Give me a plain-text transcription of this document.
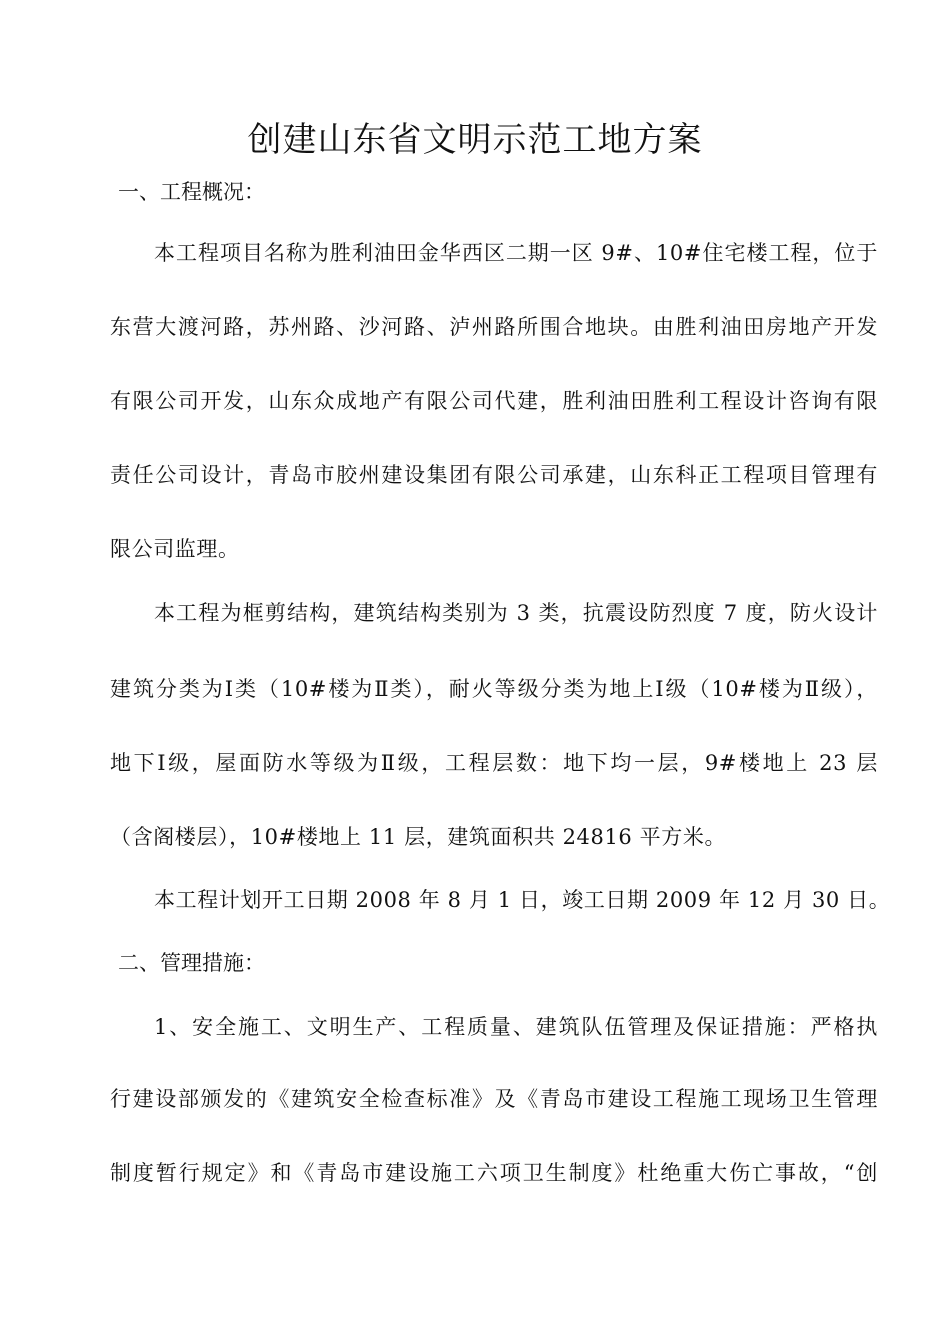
创建山东省文明示范工地方案
一、工程概况：
本工程项目名称为胜利油田金华西区二期一区 9#、10#住宅楼工程，位于
东营大渡河路，苏州路、沙河路、泸州路所围合地块。由胜利油田房地产开发
有限公司开发，山东众成地产有限公司代建，胜利油田胜利工程设计咨询有限
责任公司设计，青岛市胶州建设集团有限公司承建，山东科正工程项目管理有
限公司监理。
本工程为框剪结构，建筑结构类别为 3 类，抗震设防烈度 7 度，防火设计
建筑分类为Ⅰ类（10#楼为Ⅱ类），耐火等级分类为地上Ⅰ级（10#楼为Ⅱ级），
地下Ⅰ级，屋面防水等级为Ⅱ级，工程层数：地下均一层，9#楼地上 23 层
（含阁楼层），10#楼地上 11 层，建筑面积共 24816 平方米。
本工程计划开工日期 2008 年 8 月 1 日，竣工日期 2009 年 12 月 30 日。
二、管理措施：
1、安全施工、文明生产、工程质量、建筑队伍管理及保证措施：严格执
行建设部颁发的《建筑安全检查标准》及《青岛市建设工程施工现场卫生管理
制度暂行规定》和《青岛市建设施工六项卫生制度》杜绝重大伤亡事故，“创
